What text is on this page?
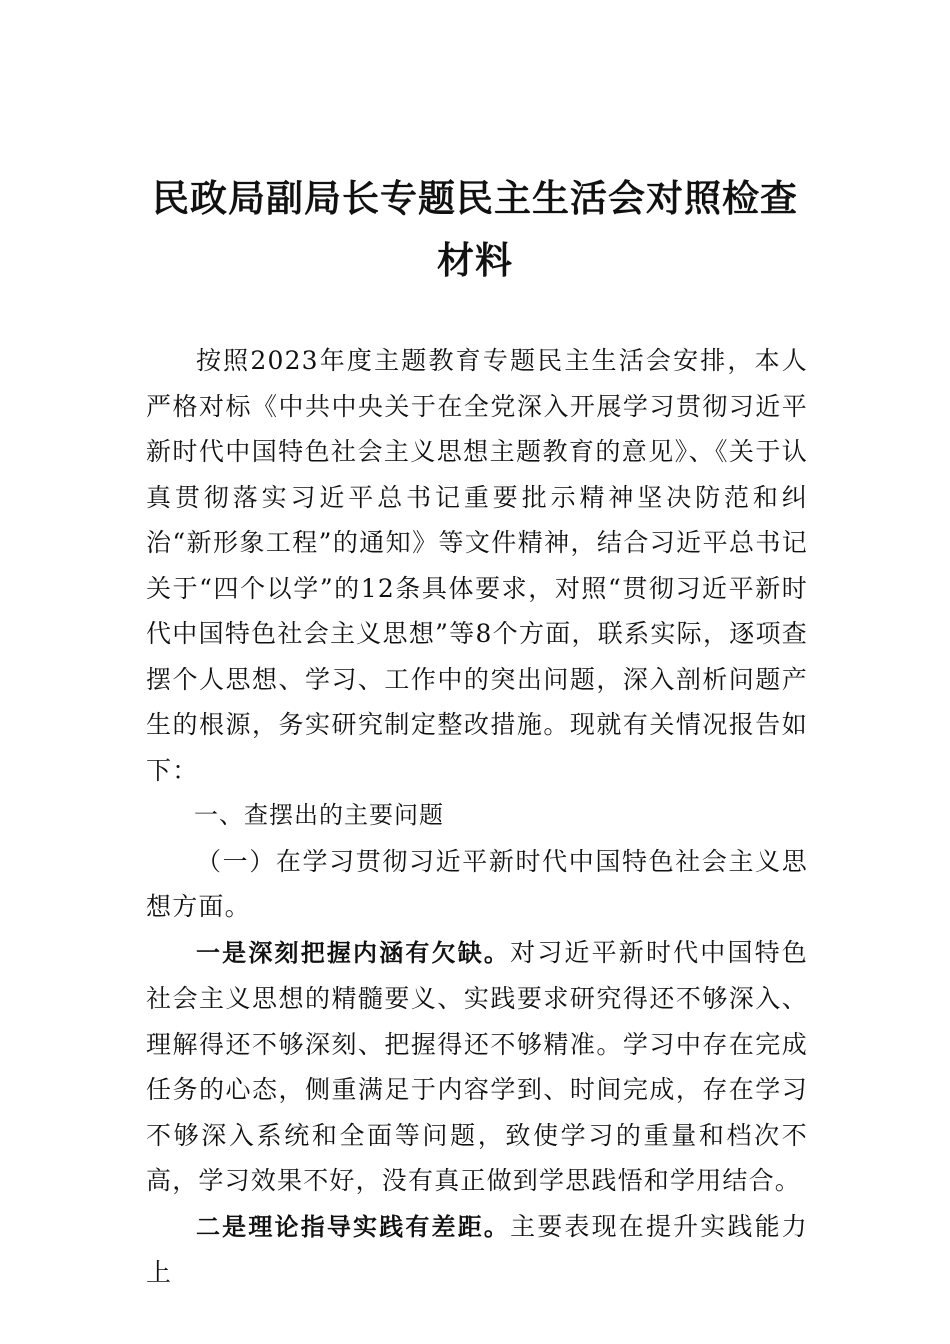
民政局副局长专题民主生活会对照检查材料

按照2023年度主题教育专题民主生活会安排，本人严格对标《中共中央关于在全党深入开展学习贯彻习近平新时代中国特色社会主义思想主题教育的意见》、《关于认真贯彻落实习近平总书记重要批示精神坚决防范和纠治“新形象工程”的通知》等文件精神，结合习近平总书记关于“四个以学”的12条具体要求，对照“贯彻习近平新时代中国特色社会主义思想”等8个方面，联系实际，逐项查摆个人思想、学习、工作中的突出问题，深入剖析问题产生的根源，务实研究制定整改措施。现就有关情况报告如下：

一、查摆出的主要问题

（一）在学习贯彻习近平新时代中国特色社会主义思想方面。

一是深刻把握内涵有欠缺。对习近平新时代中国特色社会主义思想的精髓要义、实践要求研究得还不够深入、理解得还不够深刻、把握得还不够精准。学习中存在完成任务的心态，侧重满足于内容学到、时间完成，存在学习不够深入系统和全面等问题，致使学习的重量和档次不高，学习效果不好，没有真正做到学思践悟和学用结合。

二是理论指导实践有差距。主要表现在提升实践能力上
